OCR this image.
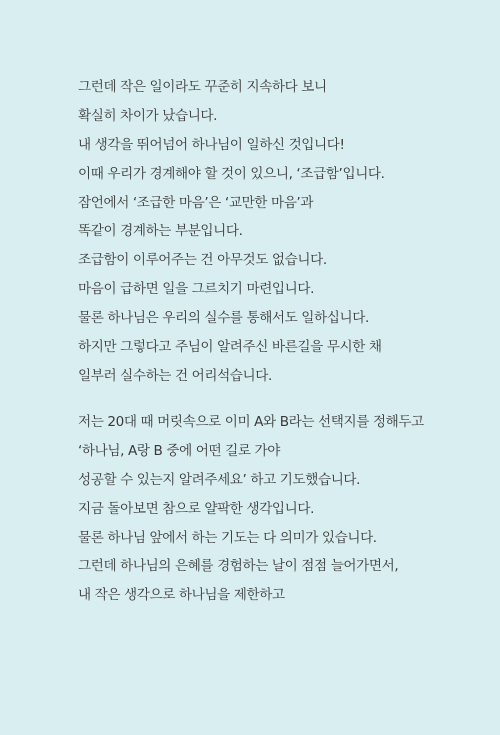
그런데 작은 일이라도 꾸준히 지속하다 보니
확실히 차이가 났습니다.
내 생각을 뛰어넘어 하나님이 일하신 것입니다!
이때 우리가 경계해야 할 것이 있으니, ‘조급함’입니다.
잠언에서 ‘조급한 마음’은 ‘교만한 마음’과
똑같이 경계하는 부분입니다.
조급함이 이루어주는 건 아무것도 없습니다.
마음이 급하면 일을 그르치기 마련입니다.
물론 하나님은 우리의 실수를 통해서도 일하십니다.
하지만 그렇다고 주님이 알려주신 바른길을 무시한 채
일부러 실수하는 건 어리석습니다.
저는 20대 때 머릿속으로 이미 A와 B라는 선택지를 정해두고
‘하나님, A랑 B 중에 어떤 길로 가야
성공할 수 있는지 알려주세요’ 하고 기도했습니다.
지금 돌아보면 참으로 얄팍한 생각입니다.
물론 하나님 앞에서 하는 기도는 다 의미가 있습니다.
그런데 하나님의 은혜를 경험하는 날이 점점 늘어가면서,
내 작은 생각으로 하나님을 제한하고
